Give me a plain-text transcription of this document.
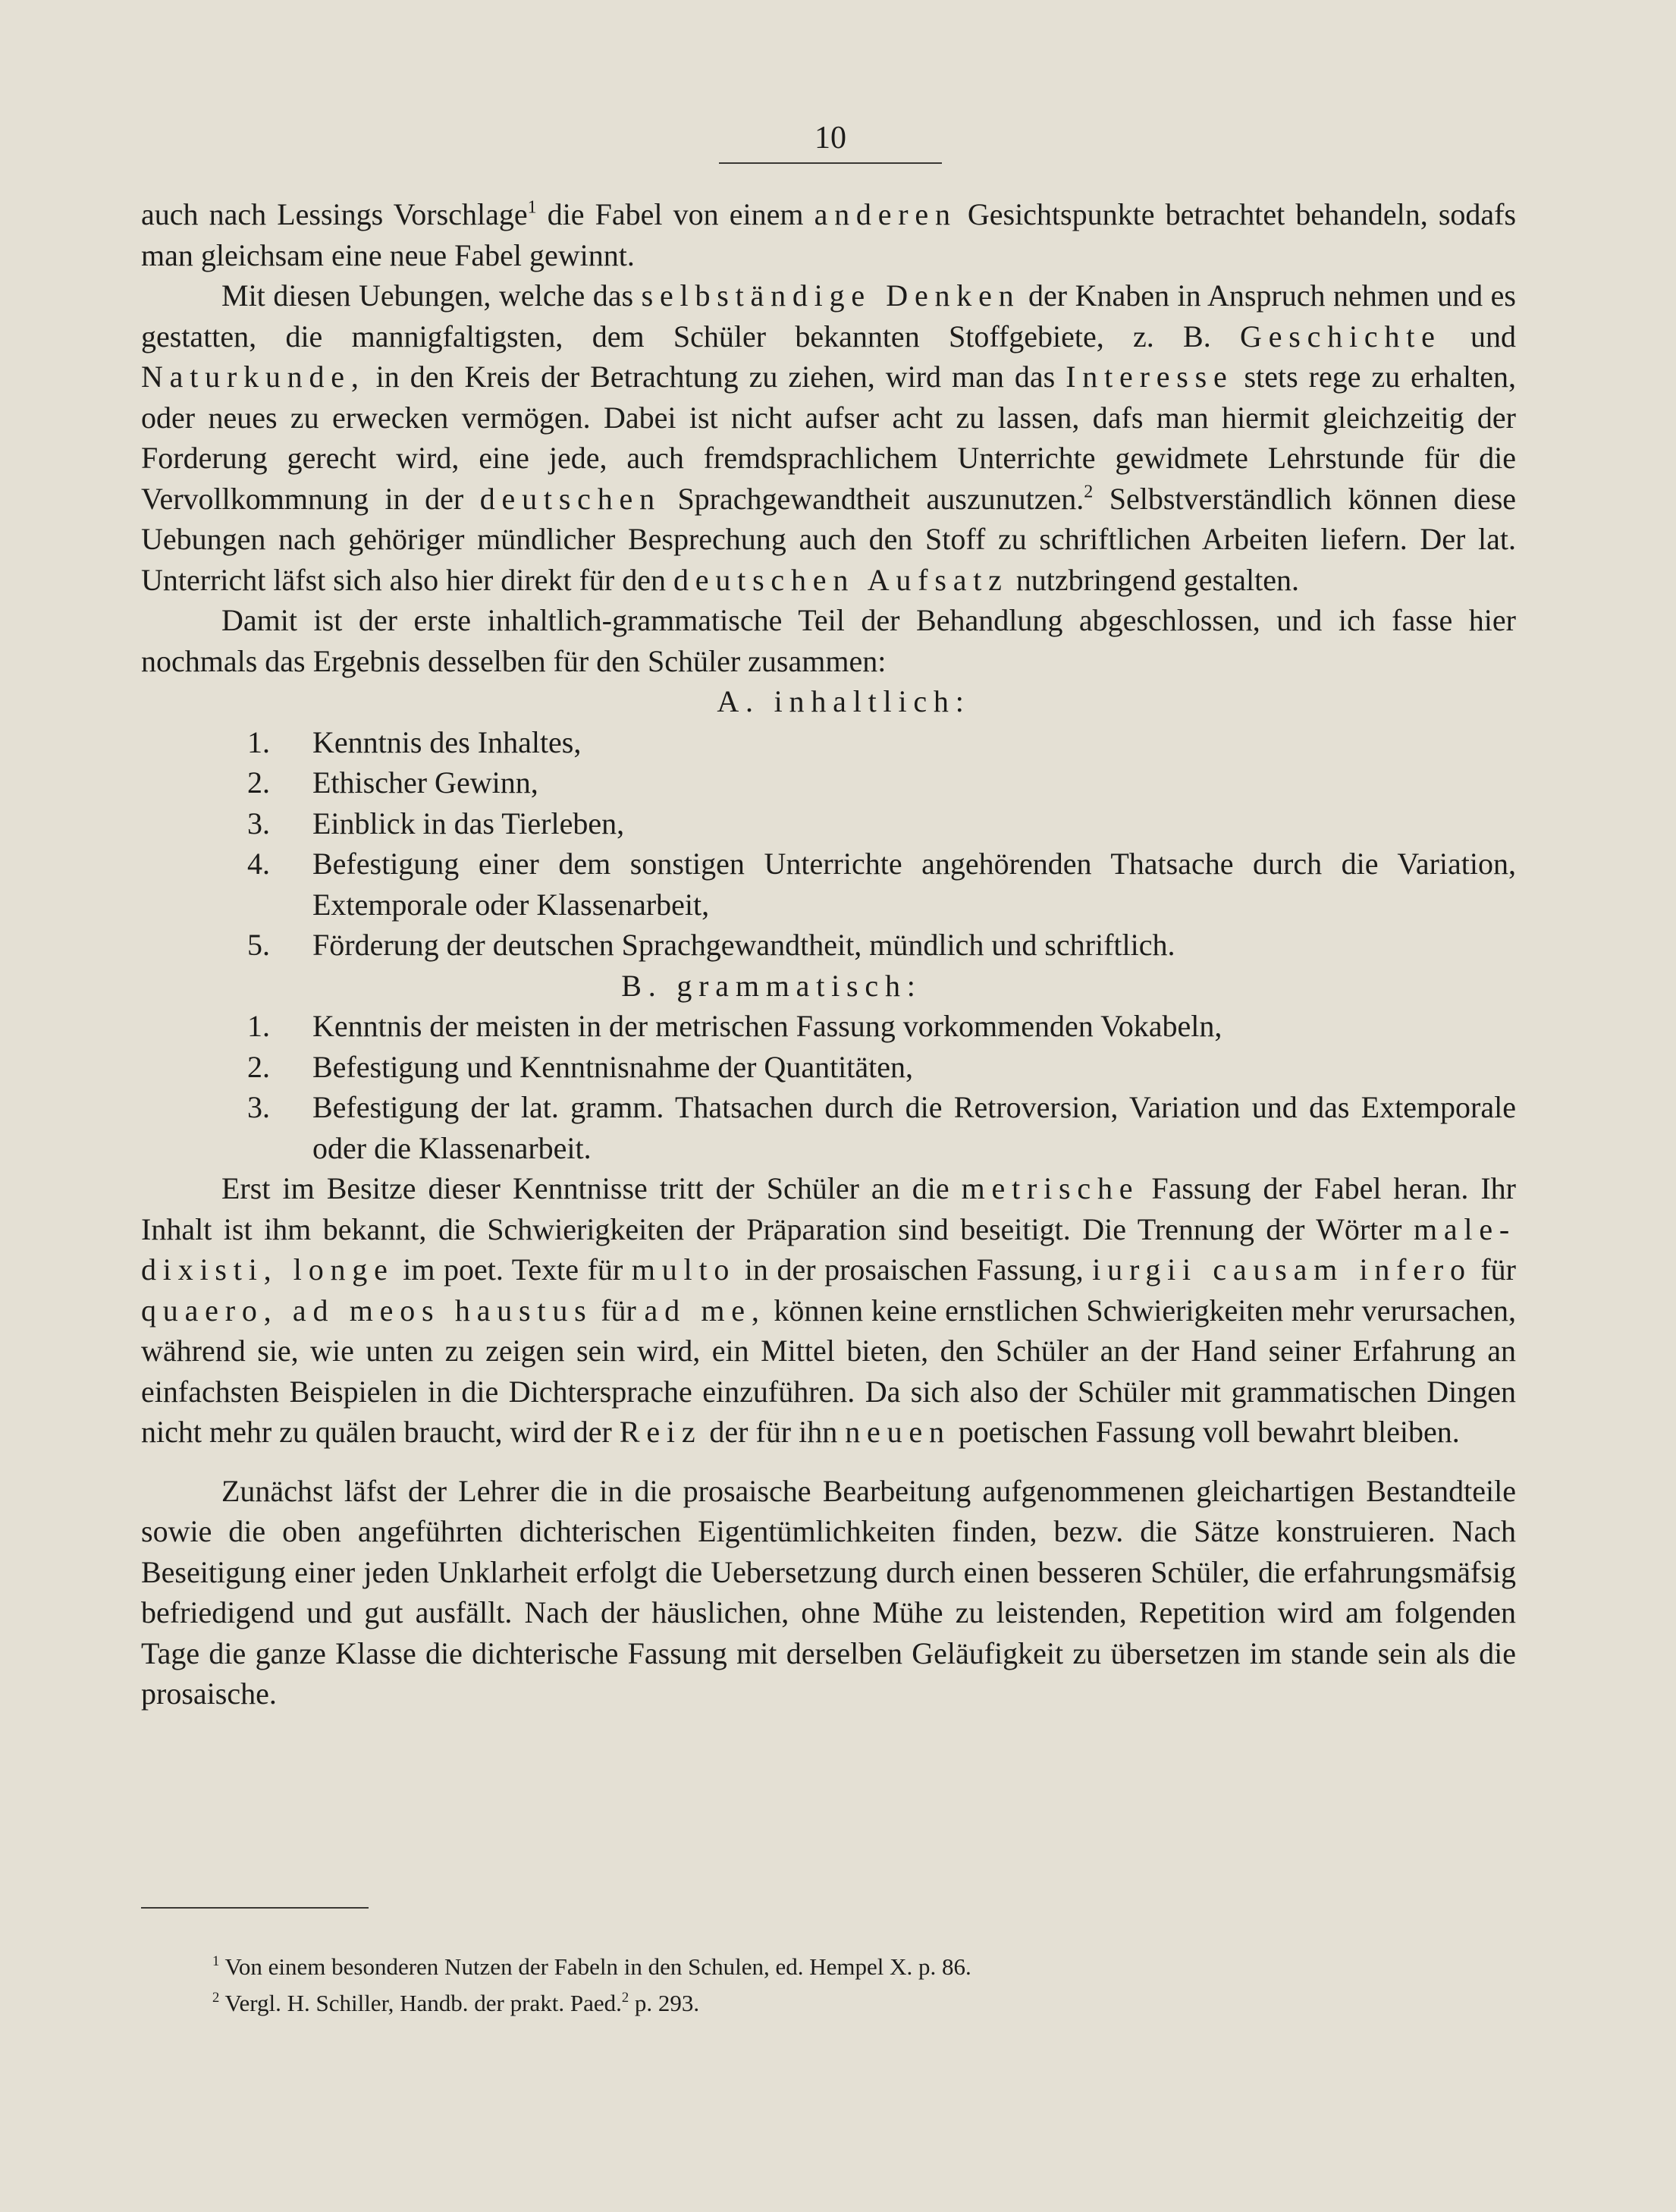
10

auch nach Lessings Vorschlage$^1$ die Fabel von einem anderen Gesichtspunkte betrachtet behandeln, sodafs man gleichsam eine neue Fabel gewinnt.

Mit diesen Uebungen, welche das selbständige Denken der Knaben in Anspruch nehmen und es gestatten, die mannigfaltigsten, dem Schüler bekannten Stoffgebiete, z. B. Geschichte und Naturkunde, in den Kreis der Betrachtung zu ziehen, wird man das Interesse stets rege zu erhalten, oder neues zu erwecken vermögen. Dabei ist nicht aufser acht zu lassen, dafs man hiermit gleichzeitig der Forderung gerecht wird, eine jede, auch fremdsprachlichem Unterrichte gewidmete Lehrstunde für die Vervollkommnung in der deutschen Sprachgewandtheit auszunutzen.$^2$ Selbstverständlich können diese Uebungen nach gehöriger mündlicher Besprechung auch den Stoff zu schriftlichen Arbeiten liefern. Der lat. Unterricht läfst sich also hier direkt für den deutschen Aufsatz nutzbringend gestalten.

Damit ist der erste inhaltlich-grammatische Teil der Behandlung abgeschlossen, und ich fasse hier nochmals das Ergebnis desselben für den Schüler zusammen:

A. inhaltlich:

1. Kenntnis des Inhaltes,
2. Ethischer Gewinn,
3. Einblick in das Tierleben,
4. Befestigung einer dem sonstigen Unterrichte angehörenden Thatsache durch die Variation, Extemporale oder Klassenarbeit,
5. Förderung der deutschen Sprachgewandtheit, mündlich und schriftlich.

B. grammatisch:

1. Kenntnis der meisten in der metrischen Fassung vorkommenden Vokabeln,
2. Befestigung und Kenntnisnahme der Quantitäten,
3. Befestigung der lat. gramm. Thatsachen durch die Retroversion, Variation und das Extemporale oder die Klassenarbeit.

Erst im Besitze dieser Kenntnisse tritt der Schüler an die metrische Fassung der Fabel heran. Ihr Inhalt ist ihm bekannt, die Schwierigkeiten der Präparation sind beseitigt. Die Trennung der Wörter male-dixisti, longe im poet. Texte für multo in der prosaischen Fassung, iurgii causam infero für quaero, ad meos haustus für ad me, können keine ernstlichen Schwierigkeiten mehr verursachen, während sie, wie unten zu zeigen sein wird, ein Mittel bieten, den Schüler an der Hand seiner Erfahrung an einfachsten Beispielen in die Dichtersprache einzuführen. Da sich also der Schüler mit grammatischen Dingen nicht mehr zu quälen braucht, wird der Reiz der für ihn neuen poetischen Fassung voll bewahrt bleiben.

Zunächst läfst der Lehrer die in die prosaische Bearbeitung aufgenommenen gleichartigen Bestandteile sowie die oben angeführten dichterischen Eigentümlichkeiten finden, bezw. die Sätze konstruieren. Nach Beseitigung einer jeden Unklarheit erfolgt die Uebersetzung durch einen besseren Schüler, die erfahrungsmäfsig befriedigend und gut ausfällt. Nach der häuslichen, ohne Mühe zu leistenden, Repetition wird am folgenden Tage die ganze Klasse die dichterische Fassung mit derselben Geläufigkeit zu übersetzen im stande sein als die prosaische.

$^1$ Von einem besonderen Nutzen der Fabeln in den Schulen, ed. Hempel X. p. 86.

$^2$ Vergl. H. Schiller, Handb. der prakt. Paed.$^2$ p. 293.
